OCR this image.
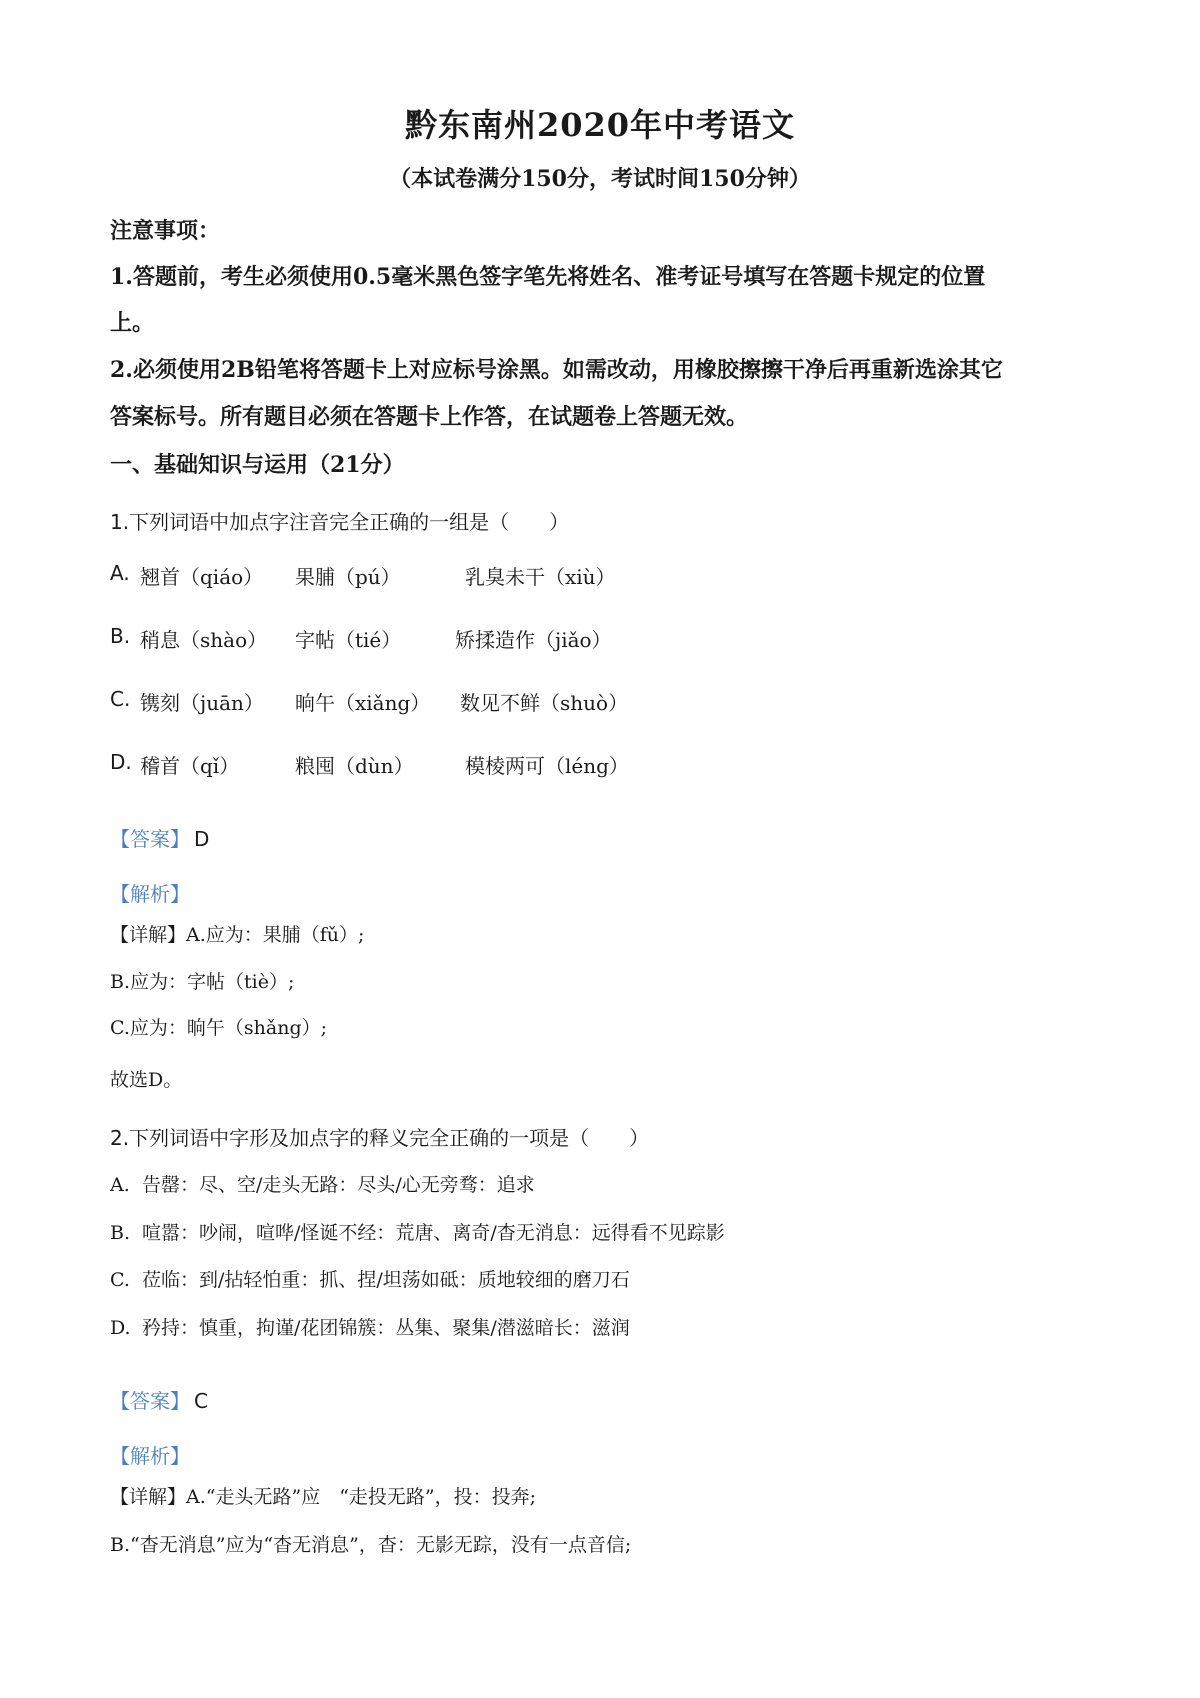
黔东南州2020年中考语文
（本试卷满分150分，考试时间150分钟）
注意事项：
1.答题前，考生必须使用0.5毫米黑色签字笔先将姓名、准考证号填写在答题卡规定的位置
上。
2.必须使用2B铅笔将答题卡上对应标号涂黑。如需改动，用橡胶擦擦干净后再重新选涂其它
答案标号。所有题目必须在答题卡上作答，在试题卷上答题无效。
一、基础知识与运用（21分）
1.下列词语中加点字注音完全正确的一组是（　　）
A. 翘首（qiáo） 果脯（pú）	乳臭未干（xiù）
B. 稍息（shào） 字帖（tié）	矫揉造作（jiǎo）
C. 镌刻（juān） 晌午（xiǎng） 数见不鲜（shuò）
D. 稽首（qǐ）	粮囤（dùn）	模棱两可（léng）
【答案】 D
【解析】
【详解】A.应为：果脯（fǔ）;
B.应为：字帖（tiè）;
C.应为：晌午（shǎng）;
故选D。
2.下列词语中字形及加点字的释义完全正确的一项是（　　）
A. 告罄：尽、空/走头无路：尽头/心无旁骛：追求
B. 喧嚣：吵闹，喧哗/怪诞不经：荒唐、离奇/杳无消息：远得看不见踪影
C. 莅临：到/拈轻怕重：抓、捏/坦荡如砥：质地较细的磨刀石
D. 矜持：慎重，拘谨/花团锦簇：丛集、聚集/潜滋暗长：滋润
【答案】 C
【解析】
【详解】A.“走头无路”应　“走投无路”，投：投奔;
B.“杳无消息”应为“杳无消息”，杳：无影无踪，没有一点音信;
